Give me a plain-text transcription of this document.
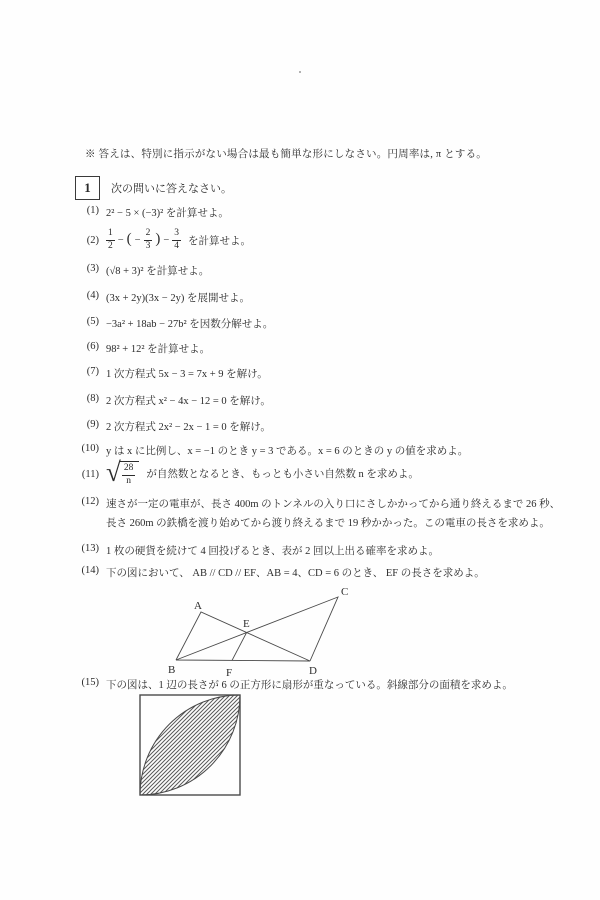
※ 答えは、特別に指示がない場合は最も簡単な形にしなさい。円周率は, π とする。
1	次の問いに答えなさい。
(1) 2² − 5 × (−3)² を計算せよ。
(2)
1
2 − ( − $\frac{2}{3}$ ) − $\frac{3}{4}$ を計算せよ。
(3) (√8 + 3)² を計算せよ。
(4) (3x + 2y)(3x − 2y) を展開せよ。
(5) −3a² + 18ab − 27b² を因数分解せよ。
(6) 98² + 12² を計算せよ。
(7) 1 次方程式 5x − 3 = 7x + 9 を解け。
(8) 2 次方程式 x² − 4x − 12 = 0 を解け。
(9) 2 次方程式 2x² − 2x − 1 = 0 を解け。
(10) y は x に比例し、x = −1 のとき y = 3 である。x = 6 のときの y の値を求めよ。
(11) √ $\frac{28}{n}$ が自然数となるとき、もっとも小さい自然数 n を求めよ。
(12) 速さが一定の電車が、長さ 400m のトンネルの入り口にさしかかってから通り終えるまで 26 秒、
長さ 260m の鉄橋を渡り始めてから渡り終えるまで 19 秒かかった。この電車の長さを求めよ。
(13) 1 枚の硬貨を続けて 4 回投げるとき、表が 2 回以上出る確率を求めよ。
(14) 下の図において、 AB // CD // EF、AB = 4、CD = 6 のとき、 EF の長さを求めよ。
A
B
C
D
E
F
(15) 下の図は、1 辺の長さが 6 の正方形に扇形が重なっている。斜線部分の面積を求めよ。
